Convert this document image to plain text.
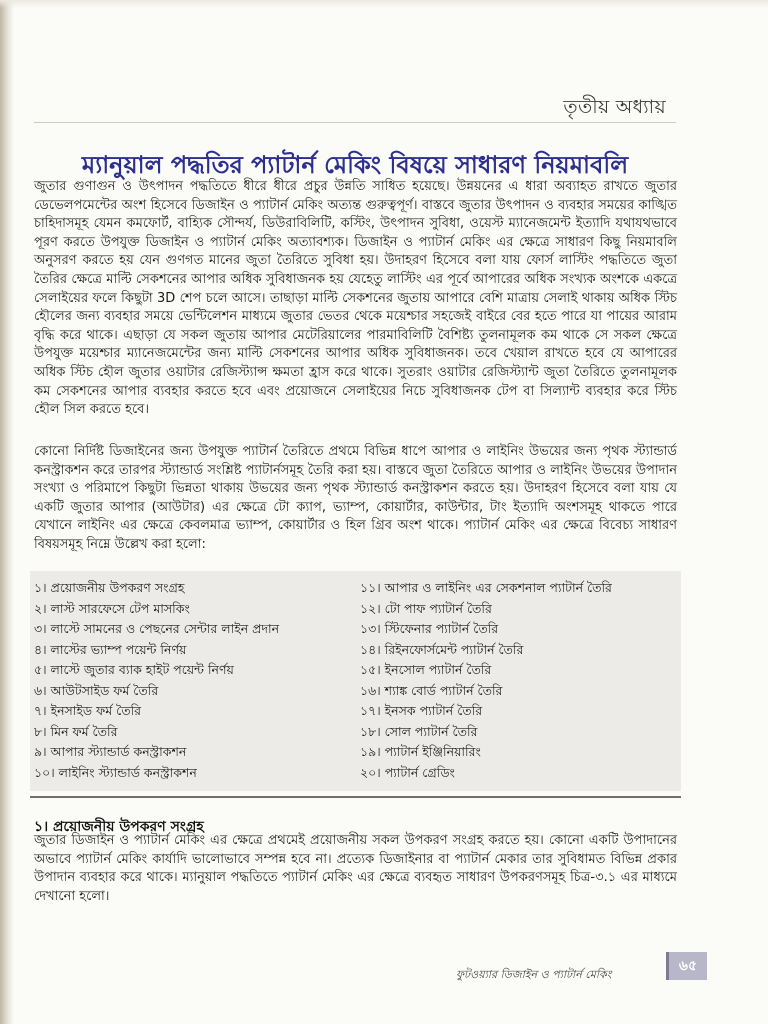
তৃতীয় অধ্যায়
ম্যানুয়াল পদ্ধতির প্যাটার্ন মেকিং বিষয়ে সাধারণ নিয়মাবলি

জুতার গুণাগুন ও উৎপাদন পদ্ধতিতে ধীরে ধীরে প্রচুর উন্নতি সাধিত হয়েছে। উন্নয়নের এ ধারা অব্যাহত রাখতে জুতার ডেভেলপমেন্টের অংশ হিসেবে ডিজাইন ও প্যাটার্ন মেকিং অত্যন্ত গুরুত্বপূর্ণ। বাস্তবে জুতার উৎপাদন ও ব্যবহার সময়ের কাঙ্খিত চাহিদাসমূহ যেমন কমফোর্ট, বাহ্যিক সৌন্দর্য, ডিউরাবিলিটি, কস্টিং, উৎপাদন সুবিধা, ওয়েস্ট ম্যানেজমেন্ট ইত্যাদি যথাযথভাবে পূরণ করতে উপযুক্ত ডিজাইন ও প্যাটার্ন মেকিং অত্যাবশ্যক। ডিজাইন ও প্যাটার্ন মেকিং এর ক্ষেত্রে সাধারণ কিছু নিয়মাবলি অনুসরণ করতে হয় যেন গুণগত মানের জুতা তৈরিতে সুবিধা হয়। উদাহরণ হিসেবে বলা যায় ফোর্স লাস্টিং পদ্ধতিতে জুতা তৈরির ক্ষেত্রে মাল্টি সেকশনের আপার অধিক সুবিধাজনক হয় যেহেতু লাস্টিং এর পূর্বে আপারের অধিক সংখ্যক অংশকে একত্রে সেলাইয়ের ফলে কিছুটা 3D শেপ চলে আসে। তাছাড়া মাল্টি সেকশনের জুতায় আপারে বেশি মাত্রায় সেলাই থাকায় অধিক স্টিচ হৌলের জন্য ব্যবহার সময়ে ভেন্টিলেশন মাধ্যমে জুতার ভেতর থেকে ময়েশ্চার সহজেই বাইরে বের হতে পারে যা পায়ের আরাম বৃদ্ধি করে থাকে। এছাড়া যে সকল জুতায় আপার মেটেরিয়ালের পারমাবিলিটি বৈশিষ্ট্য তুলনামূলক কম থাকে সে সকল ক্ষেত্রে উপযুক্ত ময়েশ্চার ম্যানেজমেন্টের জন্য মাল্টি সেকশনের আপার অধিক সুবিধাজনক। তবে খেয়াল রাখতে হবে যে আপারের অধিক স্টিচ হৌল জুতার ওয়াটার রেজিস্ট্যান্স ক্ষমতা হ্রাস করে থাকে। সুতরাং ওয়াটার রেজিস্ট্যান্ট জুতা তৈরিতে তুলনামূলক কম সেকশনের আপার ব্যবহার করতে হবে এবং প্রয়োজনে সেলাইয়ের নিচে সুবিধাজনক টেপ বা সিল্যান্ট ব্যবহার করে স্টিচ হৌল সিল করতে হবে।

কোনো নির্দিষ্ট ডিজাইনের জন্য উপযুক্ত প্যাটার্ন তৈরিতে প্রথমে বিভিন্ন ধাপে আপার ও লাইনিং উভয়ের জন্য পৃথক স্ট্যান্ডার্ড কনস্ট্রাকশন করে তারপর স্ট্যান্ডার্ড সংশ্লিষ্ট প্যাটার্নসমূহ তৈরি করা হয়। বাস্তবে জুতা তৈরিতে আপার ও লাইনিং উভয়ের উপাদান সংখ্যা ও পরিমাপে কিছুটা ভিন্নতা থাকায় উভয়ের জন্য পৃথক স্ট্যান্ডার্ড কনস্ট্রাকশন করতে হয়। উদাহরণ হিসেবে বলা যায় যে একটি জুতার আপার (আউটার) এর ক্ষেত্রে টো ক্যাপ, ভ্যাম্প, কোয়ার্টার, কাউন্টার, টাং ইত্যাদি অংশসমূহ থাকতে পারে যেখানে লাইনিং এর ক্ষেত্রে কেবলমাত্র ভ্যাম্প, কোয়ার্টার ও হিল গ্রিব অংশ থাকে। প্যাটার্ন মেকিং এর ক্ষেত্রে বিবেচ্য সাধারণ বিষয়সমূহ নিম্নে উল্লেখ করা হলো:

১। প্রয়োজনীয় উপকরণ সংগ্রহ
২। লাস্ট সারফেসে টেপ মাসকিং
৩। লাস্টে সামনের ও পেছনের সেন্টার লাইন প্রদান
৪। লাস্টের ভ্যাম্প পয়েন্ট নির্ণয়
৫। লাস্টে জুতার ব্যাক হাইট পয়েন্ট নির্ণয়
৬। আউটসাইড ফর্ম তৈরি
৭। ইনসাইড ফর্ম তৈরি
৮। মিন ফর্ম তৈরি
৯। আপার স্ট্যান্ডার্ড কনস্ট্রাকশন
১০। লাইনিং স্ট্যান্ডার্ড কনস্ট্রাকশন
১১। আপার ও লাইনিং এর সেকশনাল প্যাটার্ন তৈরি
১২। টো পাফ প্যাটার্ন তৈরি
১৩। স্টিফেনার প্যাটার্ন তৈরি
১৪। রিইনফোর্সমেন্ট প্যাটার্ন তৈরি
১৫। ইনসোল প্যাটার্ন তৈরি
১৬। শ্যাঙ্ক বোর্ড প্যাটার্ন তৈরি
১৭। ইনসক প্যাটার্ন তৈরি
১৮। সোল প্যাটার্ন তৈরি
১৯। প্যাটার্ন ইঞ্জিনিয়ারিং
২০। প্যাটার্ন গ্রেডিং
১। প্রয়োজনীয় উপকরণ সংগ্রহ

জুতার ডিজাইন ও প্যাটার্ন মেকিং এর ক্ষেত্রে প্রথমেই প্রয়োজনীয় সকল উপকরণ সংগ্রহ করতে হয়। কোনো একটি উপাদানের অভাবে প্যাটার্ন মেকিং কার্যাদি ভালোভাবে সম্পন্ন হবে না। প্রত্যেক ডিজাইনার বা প্যাটার্ন মেকার তার সুবিধামত বিভিন্ন প্রকার উপাদান ব্যবহার করে থাকে। ম্যানুয়াল পদ্ধতিতে প্যাটার্ন মেকিং এর ক্ষেত্রে ব্যবহৃত সাধারণ উপকরণসমূহ চিত্র-৩.১ এর মাধ্যমে দেখানো হলো।

ফুটওয়্যার ডিজাইন ও প্যাটার্ন মেকিং
৬৫
